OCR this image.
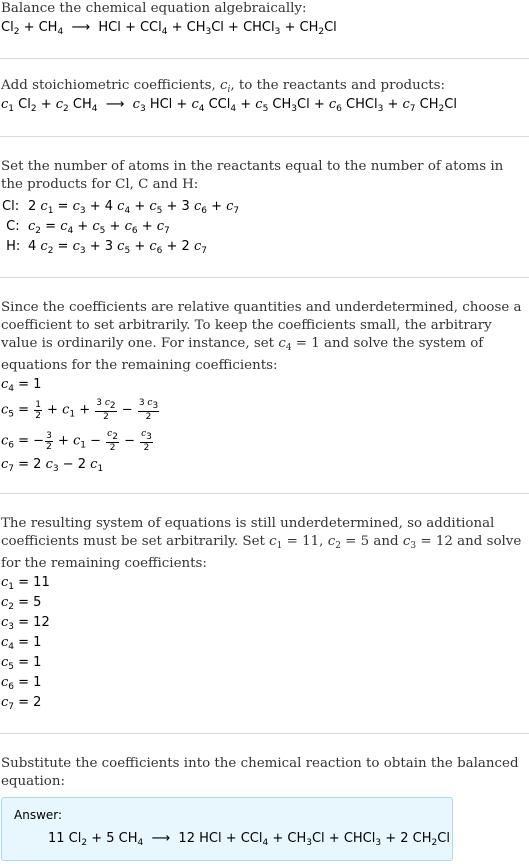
Balance the chemical equation algebraically:
$Cl_2 + CH_4$  ⟶  HCl + $CCl_4 + CH_3Cl$ + CHCl$_3$ + $CH_2Cl$
Add stoichiometric coefficients, $c_i$, to the reactants and products:
$c_1$ $Cl_2 + c_2$ $CH_4$  ⟶  $c_3$ HCl + $c_4$ $CCl_4 + c_5$ $CH_3Cl + c_6$ CHCl$_3$ + $c_7$ $CH_2Cl$
Set the number of atoms in the reactants equal to the number of atoms in the products for Cl, C and H:
Cl: 2 $c_1 = c_3 + 4$ $c_4 + c_5 + 3$ $c_6 + c_7$
C: $c_2 = c_4 + c_5 + c_6 + c_7$
H: 4 $c_2 = c_3 + 3$ $c_5 + c_6 + 2$ $c_7$
Since the coefficients are relative quantities and underdetermined, choose a coefficient to set arbitrarily. To keep the coefficients small, the arbitrary value is ordinarily one. For instance, set $c_4 = 1$ and solve the system of equations for the remaining coefficients:
$c_4 = 1$
$c_5 = \frac{1}{2} + c_1 + \frac{3 c_2}{2} - \frac{3 c_3}{2}$
$c_6$ = − $\frac{3}{2} + c_1 - \frac{c_2}{2} - \frac{c_3}{2}$
$c_7 = 2$ $c_3 - 2$ $c_1$
The resulting system of equations is still underdetermined, so additional coefficients must be set arbitrarily. Set $c_1 = 11$, $c_2 = 5$ and $c_3 = 12$ and solve for the remaining coefficients:
$c_1 = 11$
$c_2 = 5$
$c_3 = 12$
$c_4 = 1$
$c_5 = 1$
$c_6 = 1$
$c_7 = 2$
Substitute the coefficients into the chemical reaction to obtain the balanced equation:
Answer:
11 $Cl_2 + 5$ $CH_4$  ⟶  12 HCl + $CCl_4 + CH_3Cl$ + CHCl$_3$ + 2 $CH_2Cl$
